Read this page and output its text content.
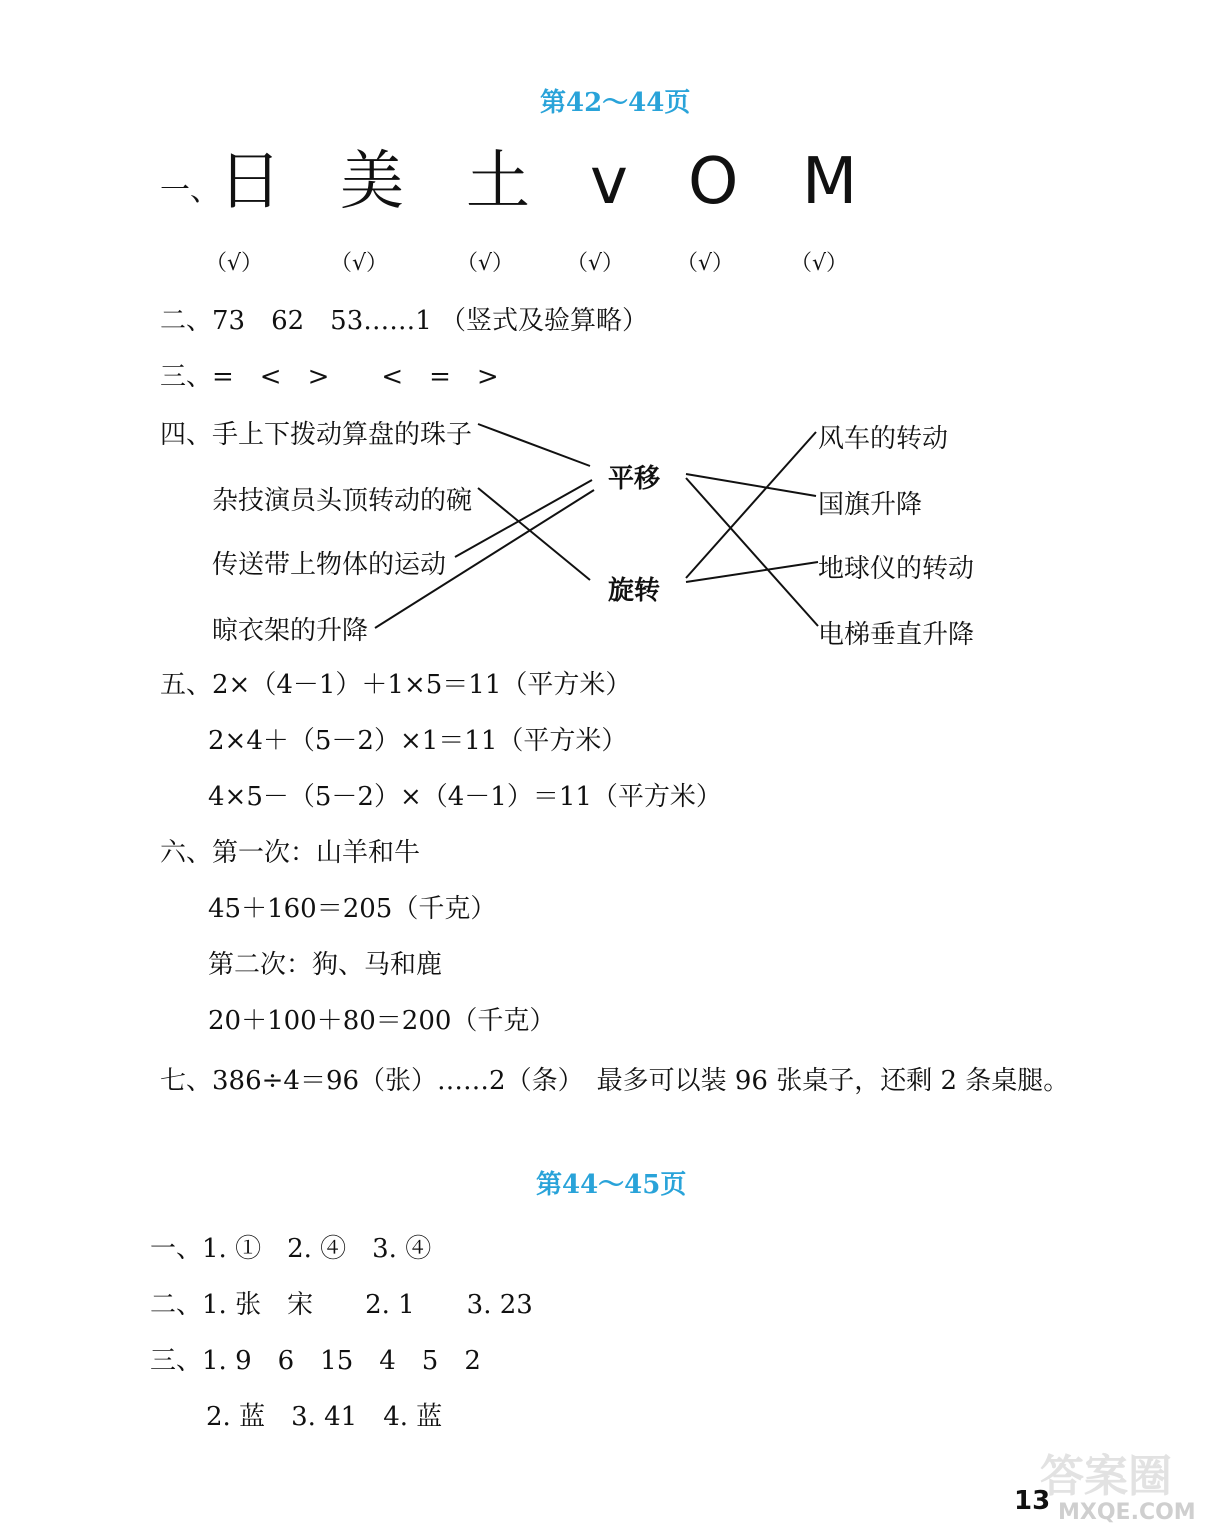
第42～44页
一、
日 美 土 v O M
（√）	（√）	（√） （√） （√）	（√）
二、73　62　53……1 （竖式及验算略）
三、=　<　>　　<　=　>
四、 手上下拨动算盘的珠子
杂技演员头顶转动的碗
传送带上物体的运动
晾衣架的升降
平移
旋转
风车的转动
国旗升降
地球仪的转动
电梯垂直升降
五、2×（4－1）＋1×5＝11（平方米）
2×4＋（5－2）×1＝11（平方米）
4×5－（5－2）×（4－1）＝11（平方米）
六、第一次：山羊和牛
45＋160＝205（千克）
第二次：狗、马和鹿
20＋100＋80＝200（千克）
七、386÷4＝96（张）……2（条）　最多可以装 96 张桌子，还剩 2 条桌腿。
第44～45页
一、1. ①　2. ④　3. ④
二、1. 张　宋　　2. 1　　3. 23
三、1. 9　6　15　4　5　2
2. 蓝　3. 41　4. 蓝
答案圈
MXQE.COM
13
